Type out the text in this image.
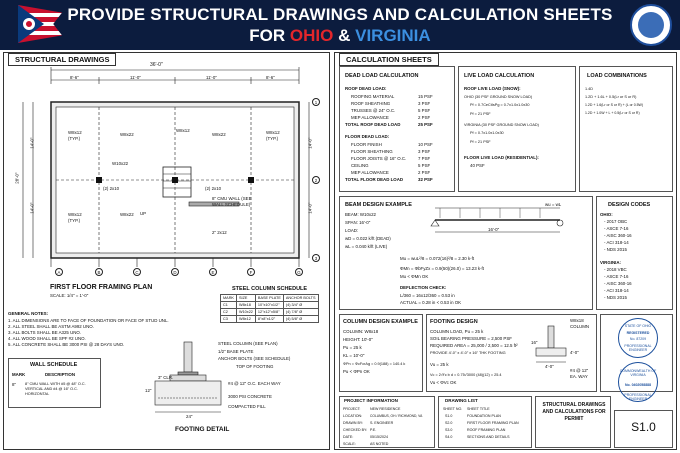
PROVIDE STRUCTURAL DRAWINGS AND CALCULATION SHEETS
FOR OHIO & VIRGINIA
STRUCTURAL DRAWINGS
36'-0"
8'-6"	11'-0"	11'-0"	8'-6"
14'-0"
28'-0"
14'-0"
14'-0"
14'-0"
W8x12 (TYP.)
W8x22
W8x12
W8x22	W8x12 (TYP.)
W10x22
(2) 2x10	(2) 2x10
8" CMU WALL (SEE WALL SCHEDULE)
W8x12 (TYP.)
W8x22
2" 2x12
UP
A	B	C	D	E	F	G
1
2
3
FIRST FLOOR FRAMING PLAN
SCALE: 1/4" = 1'-0"
GENERAL NOTES:
1. ALL DIMENSIONS ARE TO FACE OF FOUNDATION OR FACE OF STUD UNL.
2. ALL STEEL SHALL BE ASTM A992 UNO.
3. ALL BOLTS SHALL BE A325 UNO.
4. ALL WOOD SHALL BE SPF #2 UNO.
5. ALL CONCRETE SHALL BE 3000 PSI @ 28 DAYS UNO.
WALL SCHEDULE
MARK	DESCRIPTION
8" 8" CMU WALL WITH #5 @ 48" O.C. VERTICAL AND #4 @ 16" O.C. HORIZONTAL
STEEL COLUMN SCHEDULE
MARK	SIZE	BASE PLATE	ANCHOR BOLTS
C1	W8x18	10"x10"x1/2"	(4) 3/4" Ø
C2	W10x22	12"x12"x5/8"	(4) 7/8" Ø
C3	W8x12	8"x8"x1/2"	(4) 5/8" Ø
STEEL COLUMN (SEE PLAN)
1/2" BASE PLATE
ANCHOR BOLTS (SEE SCHEDULE)
TOP OF FOOTING
#4 @ 12" O.C. EACH WAY
3000 PSI CONCRETE
COMPACTED FILL
24"
12"
3" CLR.
FOOTING DETAIL
CALCULATION SHEETS
DEAD LOAD CALCULATION
ROOF DEAD LOAD:
ROOFING MATERIAL	15 PSF
ROOF SHEATHING	3 PSF
TRUSSES @ 24" O.C.	5 PSF
MEP ALLOWANCE	2 PSF
TOTAL ROOF DEAD LOAD	25 PSF
FLOOR DEAD LOAD:
FLOOR FINISH	10 PSF
FLOOR SHEATHING	3 PSF
FLOOR JOISTS @ 16" O.C.	7 PSF
CEILING	5 PSF
MEP ALLOWANCE	2 PSF
TOTAL FLOOR DEAD LOAD	32 PSF
LIVE LOAD CALCULATION
ROOF LIVE LOAD (SNOW):
OHIO (30 PSF GROUND SNOW LOAD)
Pf = 0.7CeCtIsPg = 0.7x1.0x1.0x30
Pf = 21 PSF
VIRGINIA (30 PSF GROUND SNOW LOAD)
Pf = 0.7x1.0x1.0x30
Pf = 21 PSF
FLOOR LIVE LOAD (RESIDENTIAL):
40 PSF
LOAD COMBINATIONS
1.4D
1.2D + 1.6L + 0.5(Lr or S or R)
1.2D + 1.6(Lr or S or R) + (L or 0.5W)
1.2D + 1.0W + L + 0.5(Lr or S or R)
BEAM DESIGN EXAMPLE
BEAM: W10x22
SPAN: 16'-0"
LOAD:
wD = 0.022 k/ft (DEAD)
wL = 0.040 k/ft (LIVE)
16'-0"
wu = wL
Mu = wuL²/8 = 0.072(16)²/8 = 2.30 k-ft
ΦMn = ΦbFyZx = 0.9(50)(26.0) = 13.23 k-ft
Mu < ΦMn OK
DEFLECTION CHECK:
L/360 = 16x12/360 = 0.53 in
ACTUAL = 0.28 in < 0.53 in OK
DESIGN CODES
OHIO:
- 2017 OBC
- ASCE 7-16
- AISC 360-16
- ACI 318-14
- NDS 2015
VIRGINIA:
- 2018 VBC
- ASCE 7-16
- AISC 360-16
- ACI 318-14
- NDS 2015
COLUMN DESIGN EXAMPLE
COLUMN: W8x18
HEIGHT: 10'-0"
Pu = 25 k
KL = 10'-0"
ΦPn = ΦcFcrAg = 0.9(188) = 140.4 k
Pu < ΦPn OK
FOOTING DESIGN
COLUMN LOAD, Pu = 25 k
SOIL BEARING PRESSURE = 2,500 PSF
REQUIRED AREA = 25,000 / 2,500 = 12.5 ft²
PROVIDE 4'-0" x 4'-0" x 16" THK FOOTING
Vu = 25 k
Vc = 2√f'c b d = 0.75√3000 (48)(12) = 25.4
Vu < ΦVc OK
W8x18 COLUMN
4'-0"
4'-0"
#4 @ 12" EA. WAY
16"
STATE OF OHIO
REGISTERED
No. 87209
PROFESSIONAL ENGINEER
COMMONWEALTH OF VIRGINIA
No. 0402058888
PROFESSIONAL ENGINEER
PROJECT INFORMATION
PROJECT:	NEW RESIDENCE
LOCATION: COLUMBUS, OH / RICHMOND, VA
DRAWN BY: S. ENGINEER
CHECKED BY: P.E.
DATE:	05/15/2024
SCALE:	AS NOTED
DRAWING LIST
SHEET NO. SHEET TITLE
S1.0	FOUNDATION PLAN
S2.0	FIRST FLOOR FRAMING PLAN
S3.0	ROOF FRAMING PLAN
S4.0	SECTIONS AND DETAILS
STRUCTURAL DRAWINGS AND CALCULATIONS FOR PERMIT
S1.0
